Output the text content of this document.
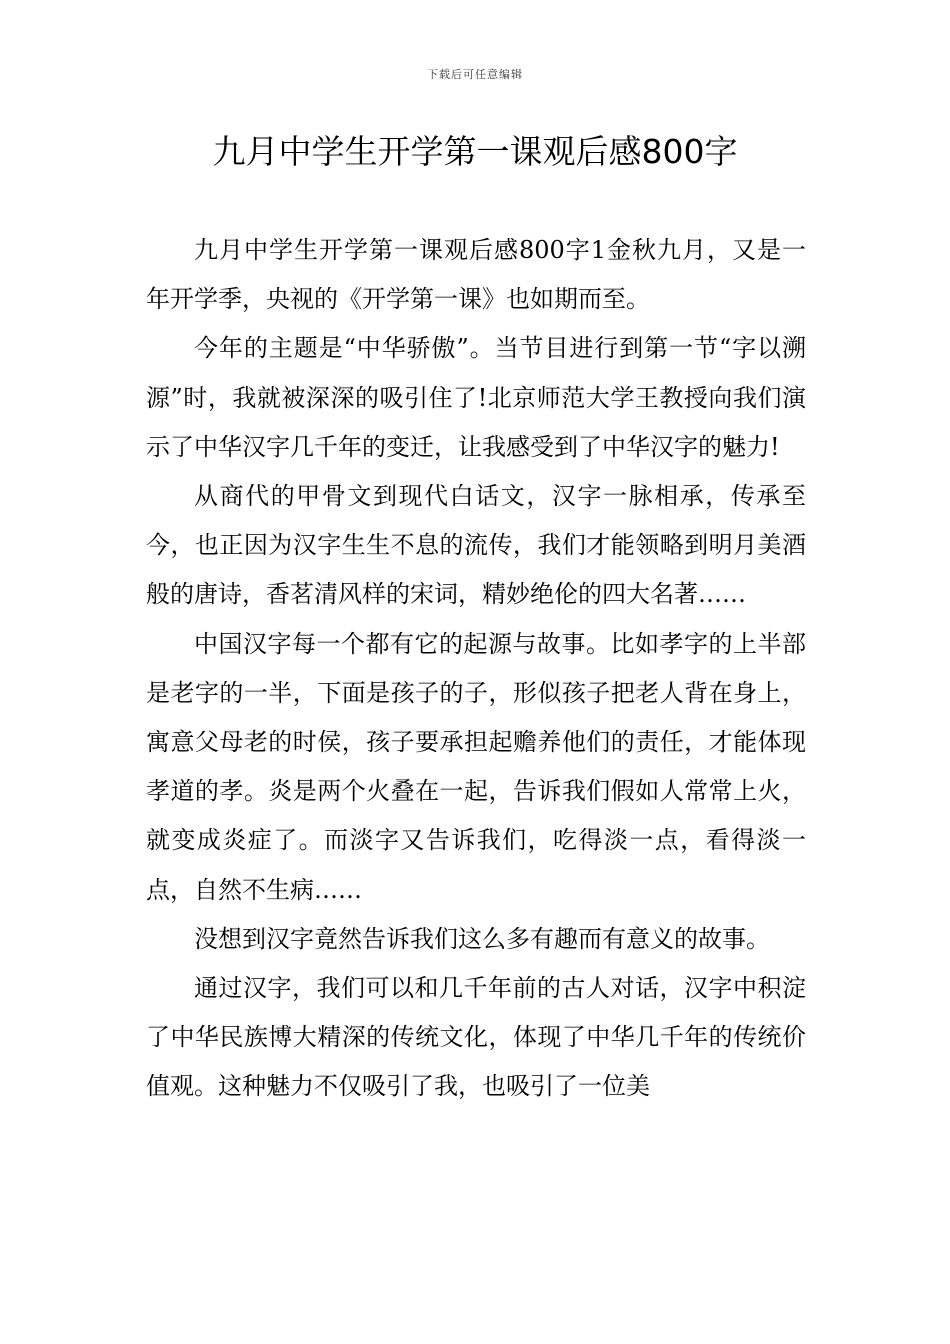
下载后可任意编辑
九月中学生开学第一课观后感800字

九月中学生开学第一课观后感800字1金秋九月，又是一年开学季，央视的《开学第一课》也如期而至。

今年的主题是“中华骄傲”。当节目进行到第一节“字以溯源”时，我就被深深的吸引住了!北京师范大学王教授向我们演示了中华汉字几千年的变迁，让我感受到了中华汉字的魅力!

从商代的甲骨文到现代白话文，汉字一脉相承，传承至今，也正因为汉字生生不息的流传，我们才能领略到明月美酒般的唐诗，香茗清风样的宋词，精妙绝伦的四大名著……

中国汉字每一个都有它的起源与故事。比如孝字的上半部是老字的一半，下面是孩子的子，形似孩子把老人背在身上，寓意父母老的时侯，孩子要承担起赡养他们的责任，才能体现孝道的孝。炎是两个火叠在一起，告诉我们假如人常常上火，就变成炎症了。而淡字又告诉我们，吃得淡一点，看得淡一点，自然不生病……

没想到汉字竟然告诉我们这么多有趣而有意义的故事。

通过汉字，我们可以和几千年前的古人对话，汉字中积淀了中华民族博大精深的传统文化，体现了中华几千年的传统价值观。这种魅力不仅吸引了我，也吸引了一位美
